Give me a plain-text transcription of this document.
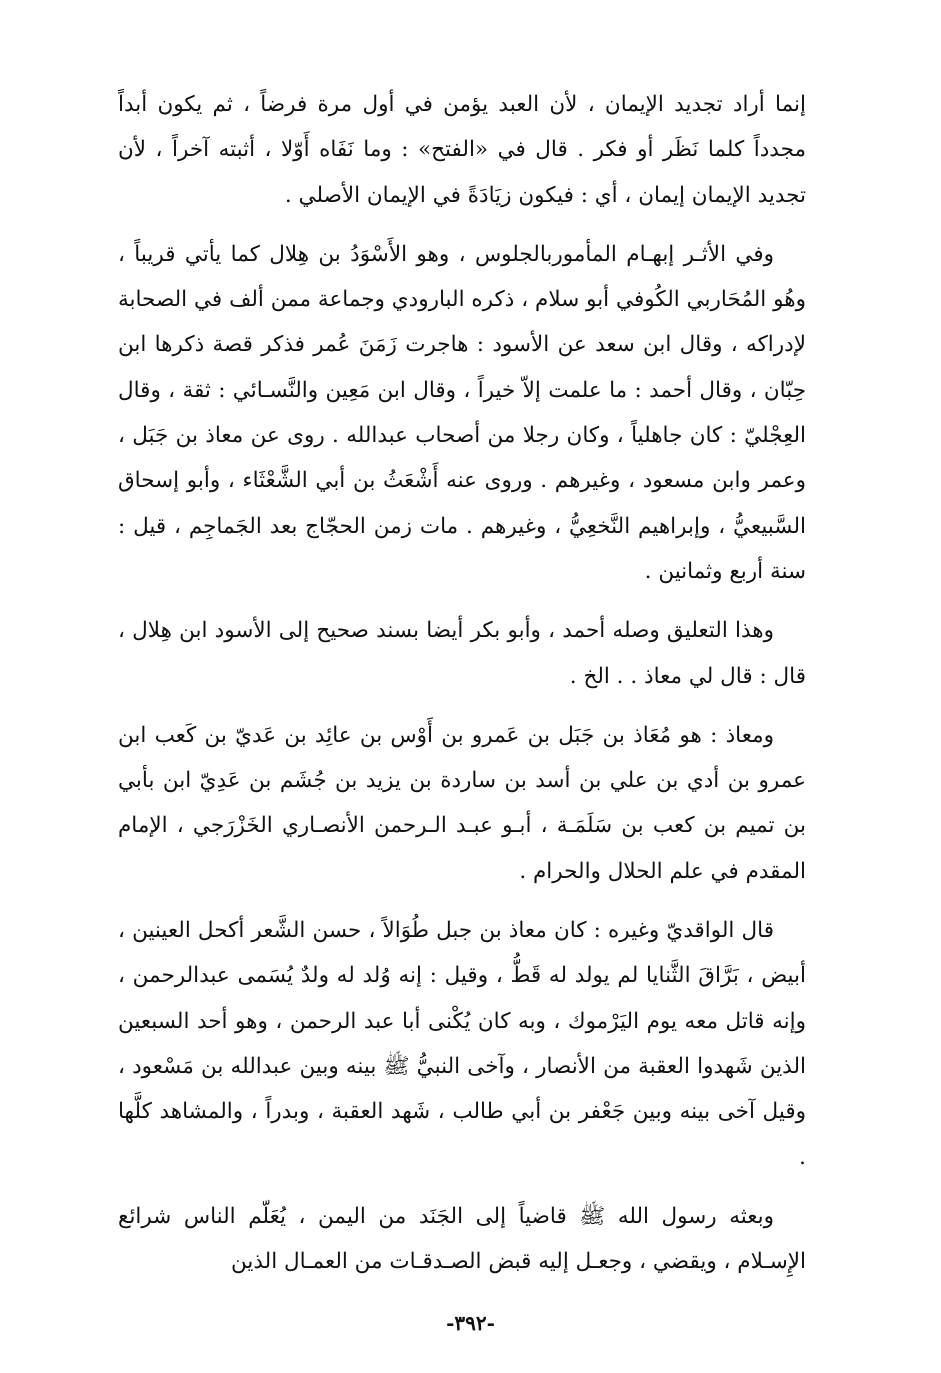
إنما أراد تجديد الإيمان ، لأن العبد يؤمن في أول مرة فرضاً ، ثم يكون أبداً مجدداً كلما نَظَر أو فكر . قال في «الفتح» : وما نَفَاه أَوّلا ، أثبته آخراً ، لأن تجديد الإيمان إيمان ، أي : فيكون زيَادَةً في الإيمان الأصلي .

وفي الأثـر إبهـام المأموربالجلوس ، وهو الأَسْوَدُ بن هِلال كما يأتي قريباً ، وهُو المُحَاربي الكُوفي أبو سلام ، ذكره البارودي وجماعة ممن ألف في الصحابة لإدراكه ، وقال ابن سعد عن الأسود : هاجرت زَمَنَ عُمر فذكر قصة ذكرها ابن حِبّان ، وقال أحمد : ما علمت إلاّ خيراً ، وقال ابن مَعِين والنَّسـائي : ثقة ، وقال العِجْليّ : كان جاهلياً ، وكان رجلا من أصحاب عبدالله . روى عن معاذ بن جَبَل ، وعمر وابن مسعود ، وغيرهم . وروى عنه أَشْعَثُ بن أبي الشَّعْثَاء ، وأبو إسحاق السَّبيعيُّ ، وإبراهيم النَّخعِيُّ ، وغيرهم . مات زمن الحجّاج بعد الجَماجِم ، قيل : سنة أربع وثمانين .

وهذا التعليق وصله أحمد ، وأبو بكر أيضا بسند صحيح إلى الأسود ابن هِلال ، قال : قال لي معاذ . . الخ .

ومعاذ : هو مُعَاذ بن جَبَل بن عَمرو بن أَوْس بن عائِد بن عَديّ بن كَعب ابن عمرو بن أدي بن علي بن أسد بن ساردة بن يزيد بن جُشَم بن عَدِيّ ابن بأبي بن تميم بن كعب بن سَلَمَـة ، أبـو عبـد الـرحمن الأنصـاري الخَزْرَجي ، الإمام المقدم في علم الحلال والحرام .

قال الواقديّ وغيره : كان معاذ بن جبل طُوَالاً ، حسن الشَّعر أكحل العينين ، أبيض ، بَرَّاقَ الثَّنايا لم يولد له قَطُّ ، وقيل : إنه وُلد له ولدٌ يُسَمى عبدالرحمن ، وإنه قاتل معه يوم اليَرْموك ، وبه كان يُكْنى أبا عبد الرحمن ، وهو أحد السبعين الذين شَهدوا العقبة من الأنصار ، وآخى النبيُّ ﷺ بينه وبين عبدالله بن مَسْعود ، وقيل آخى بينه وبين جَعْفر بن أبي طالب ، شَهد العقبة ، وبدراً ، والمشاهد كلَّها .

وبعثه رسول الله ﷺ قاضياً إلى الجَنَد من اليمن ، يُعَلّم الناس شرائع الإِسـلام ، ويقضي ، وجعـل إليه قبض الصـدقـات من العمـال الذين

-٣٩٢-
